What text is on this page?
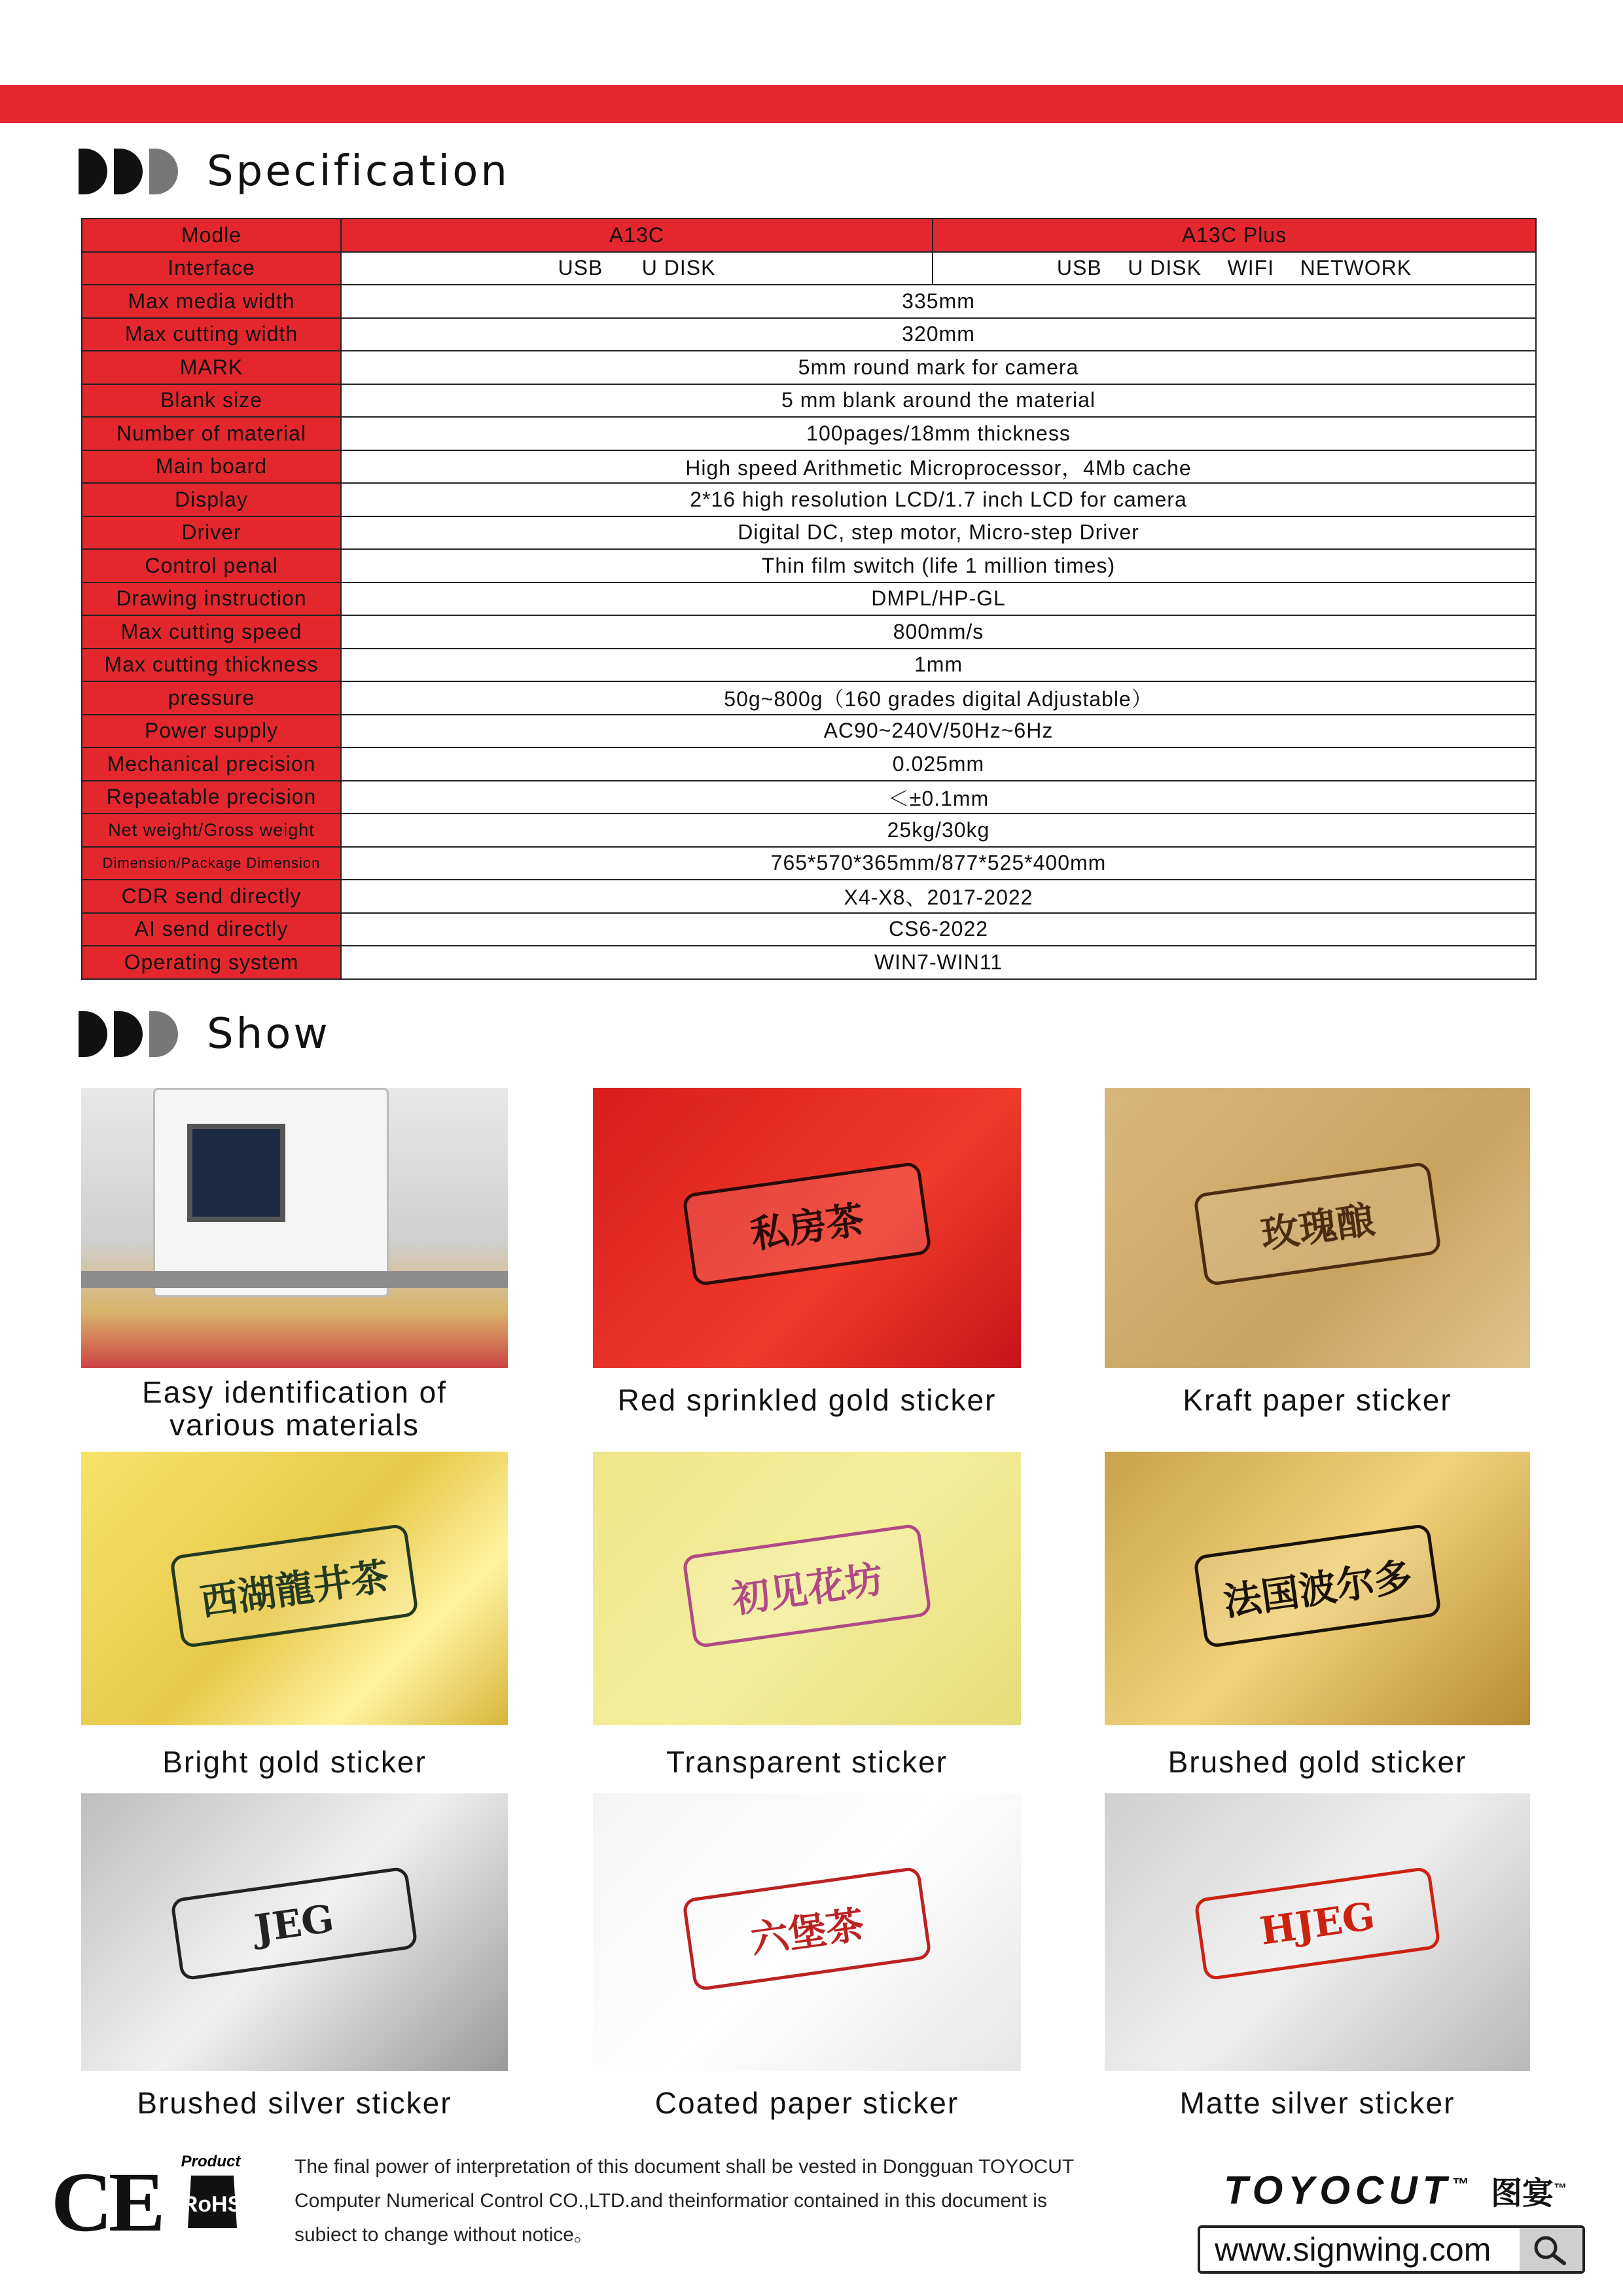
Specification
Modle	A13C	A13C Plus
Interface	USB      U DISK	USB    U DISK    WIFI    NETWORK
Max media width	335mm	
Max cutting width	320mm	
MARK	5mm round mark for camera	
Blank size	5 mm blank around the material	
Number of material	100pages/18mm thickness	
Main board	High speed Arithmetic Microprocessor，4Mb cache	
Display	2*16 high resolution LCD/1.7 inch LCD for camera	
Driver	Digital DC, step motor, Micro-step Driver	
Control penal	Thin film switch (life 1 million times)	
Drawing instruction	DMPL/HP-GL	
Max cutting speed	800mm/s	
Max cutting thickness	1mm	
pressure	50g~800g（160 grades digital Adjustable）	
Power supply	AC90~240V/50Hz~6Hz	
Mechanical precision	0.025mm	
Repeatable precision	＜±0.1mm	
Net weight/Gross weight	25kg/30kg	
Dimension/Package Dimension	765*570*365mm/877*525*400mm	
CDR send directly	X4-X8、2017-2022	
AI send directly	CS6-2022	
Operating system	WIN7-WIN11	
Show
Easy identification of
various materials
私房茶
Red sprinkled gold sticker
玫瑰酿
Kraft paper sticker
西湖龍井茶
Bright gold sticker
初见花坊
Transparent sticker
法国波尔多
Brushed gold sticker
JEG
Brushed silver sticker
六堡茶
Coated paper sticker
HJEG
Matte silver sticker
CE Product
RoHS
The final power of interpretation of this document shall be vested in Dongguan TOYOCUT
Computer Numerical Control CO.,LTD.and theinformatior contained in this document is
subiect to change without notice。
TOYOCUT™ 图宴™
www.signwing.com
